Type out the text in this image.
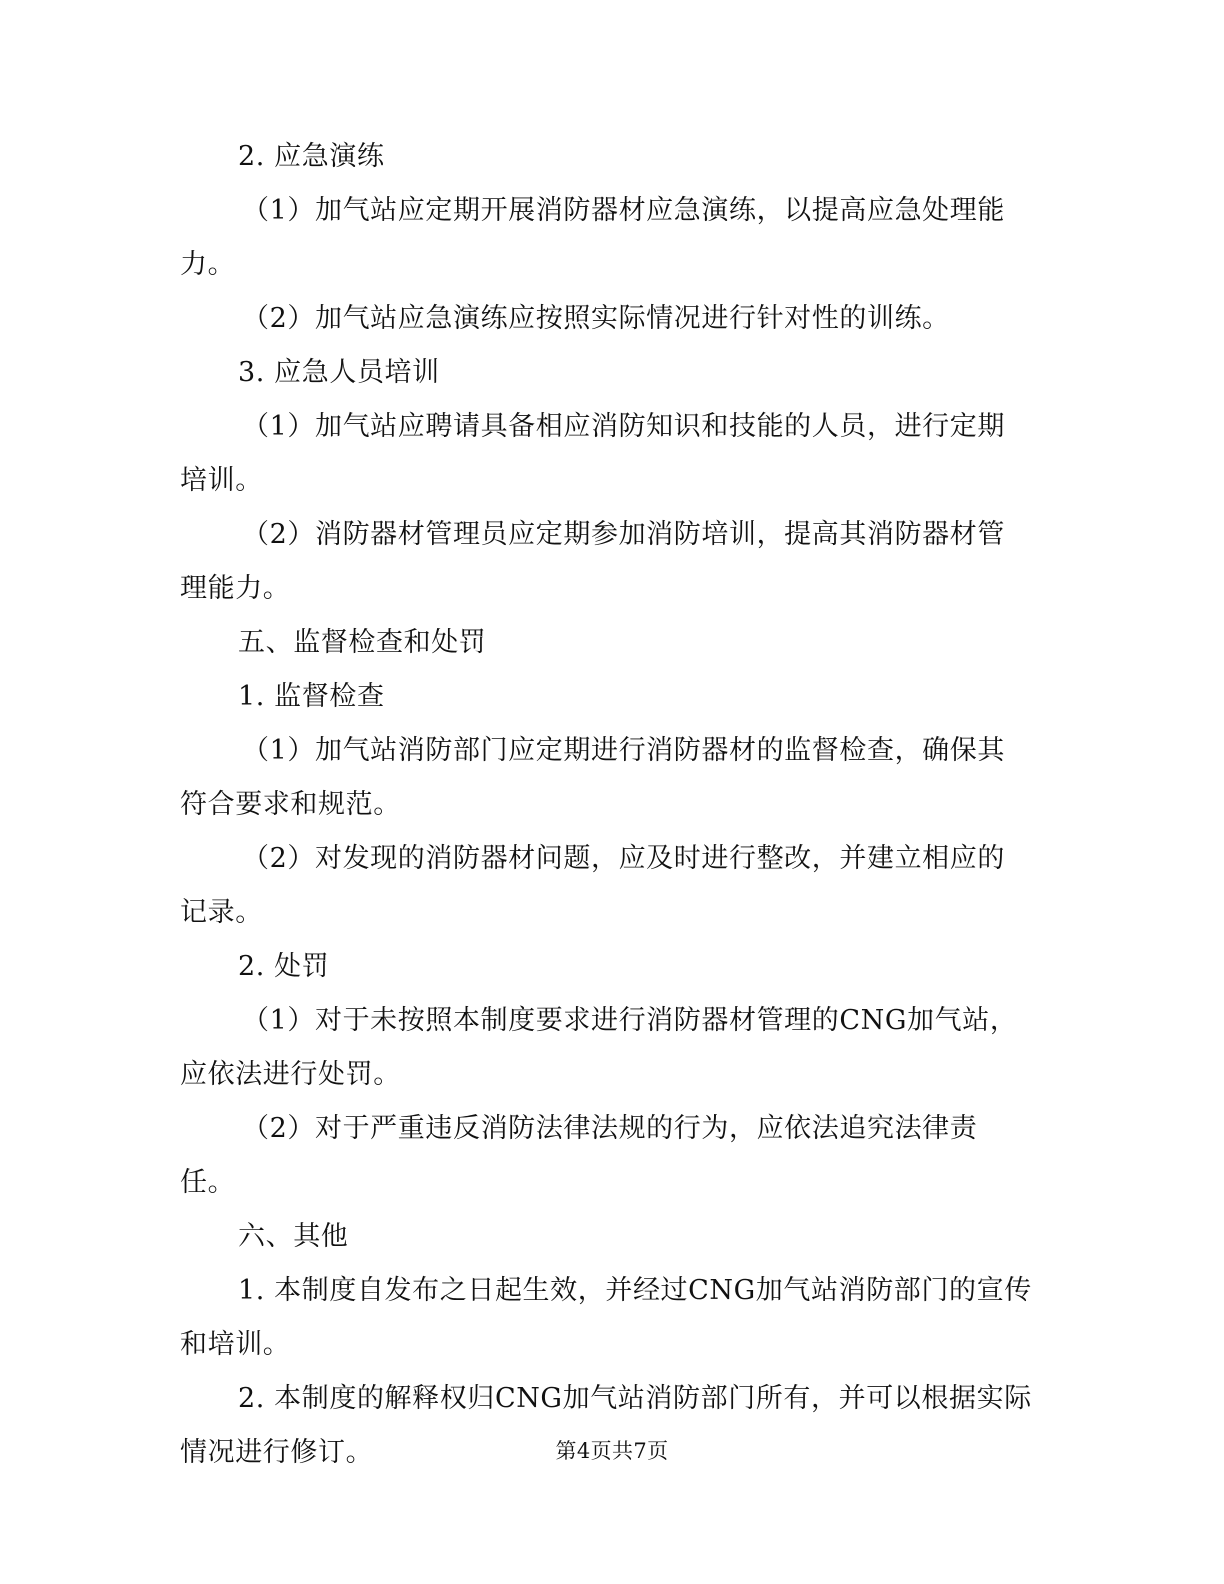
2. 应急演练

（1）加气站应定期开展消防器材应急演练，以提高应急处理能力。

（2）加气站应急演练应按照实际情况进行针对性的训练。

3. 应急人员培训

（1）加气站应聘请具备相应消防知识和技能的人员，进行定期培训。

（2）消防器材管理员应定期参加消防培训，提高其消防器材管理能力。

五、监督检查和处罚

1. 监督检查

（1）加气站消防部门应定期进行消防器材的监督检查，确保其符合要求和规范。

（2）对发现的消防器材问题，应及时进行整改，并建立相应的记录。

2. 处罚

（1）对于未按照本制度要求进行消防器材管理的CNG加气站，应依法进行处罚。

（2）对于严重违反消防法律法规的行为，应依法追究法律责任。

六、其他

1. 本制度自发布之日起生效，并经过CNG加气站消防部门的宣传和培训。

2. 本制度的解释权归CNG加气站消防部门所有，并可以根据实际情况进行修订。	第4页共7页
